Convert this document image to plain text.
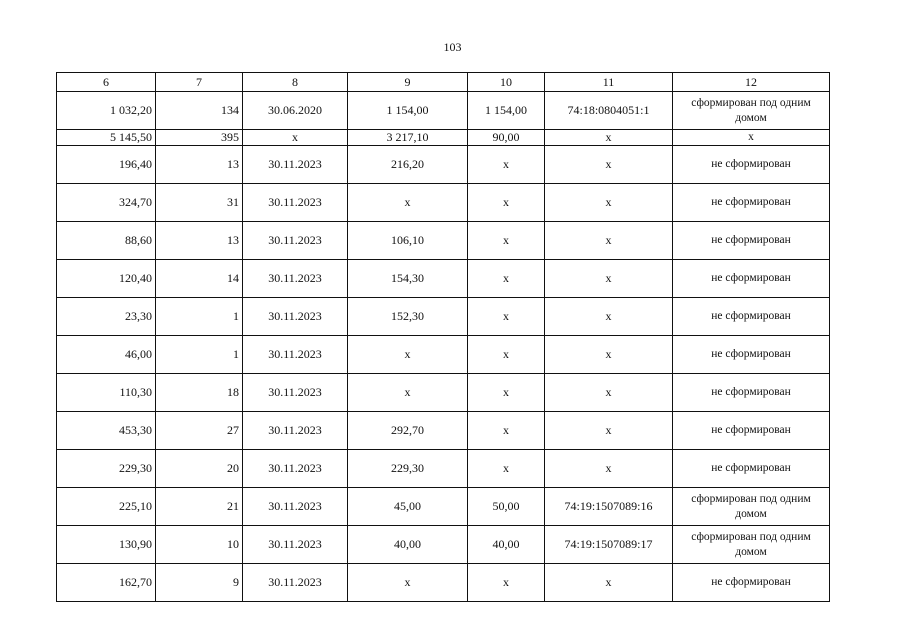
103
6	7	8	9	10	11	12
1 032,20	134	30.06.2020	1 154,00	1 154,00	74:18:0804051:1	сформирован под одним домом
5 145,50	395	x	3 217,10	90,00	x	x
196,40	13	30.11.2023	216,20	x	x	не сформирован
324,70	31	30.11.2023	x	x	x	не сформирован
88,60	13	30.11.2023	106,10	x	x	не сформирован
120,40	14	30.11.2023	154,30	x	x	не сформирован
23,30	1	30.11.2023	152,30	x	x	не сформирован
46,00	1	30.11.2023	x	x	x	не сформирован
110,30	18	30.11.2023	x	x	x	не сформирован
453,30	27	30.11.2023	292,70	x	x	не сформирован
229,30	20	30.11.2023	229,30	x	x	не сформирован
225,10	21	30.11.2023	45,00	50,00	74:19:1507089:16	сформирован под одним домом
130,90	10	30.11.2023	40,00	40,00	74:19:1507089:17	сформирован под одним домом
162,70	9	30.11.2023	x	x	x	не сформирован
